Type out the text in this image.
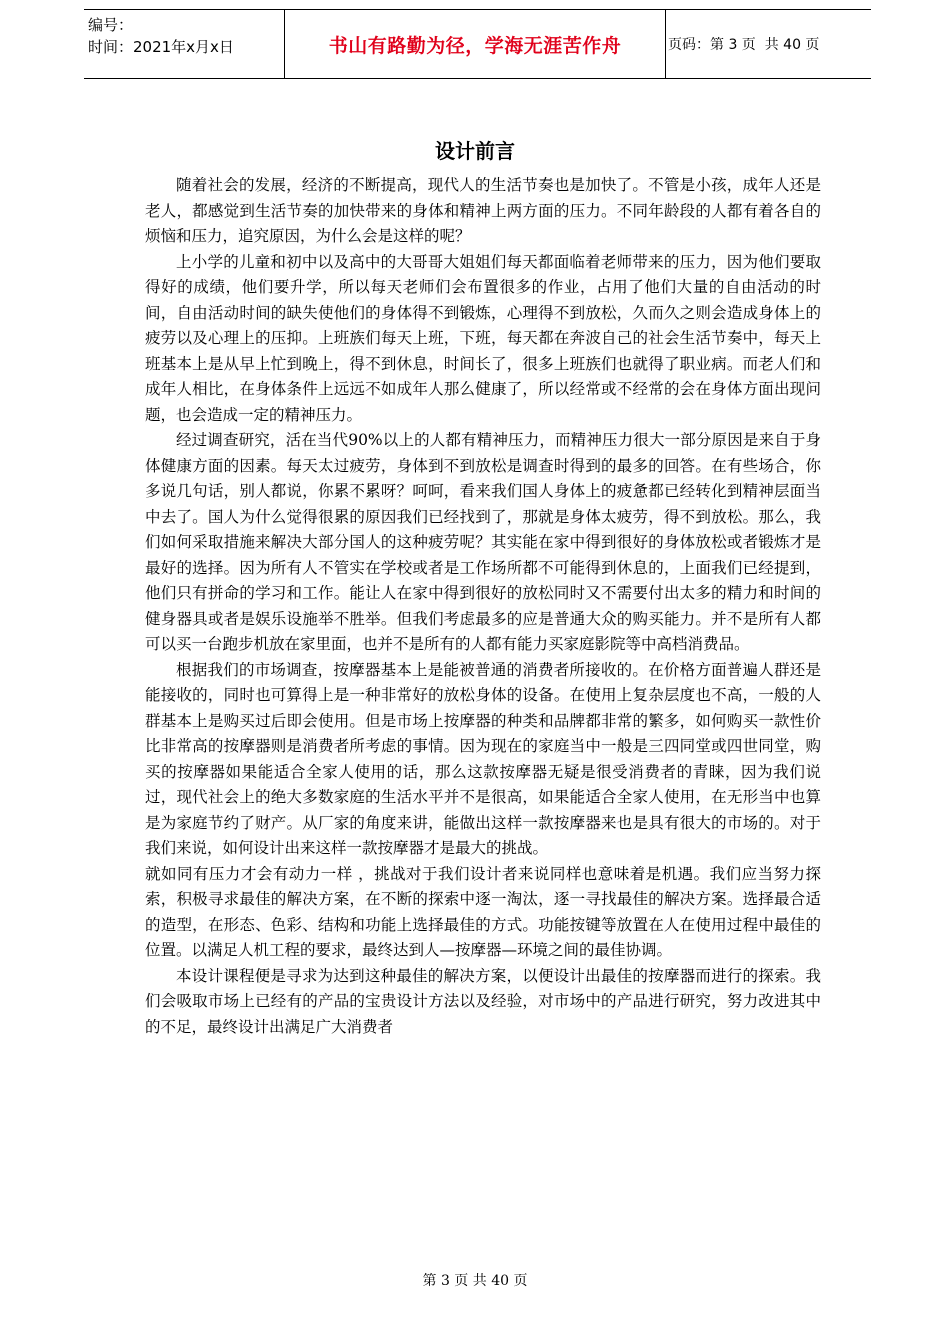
编号：
时间：2021年x月x日	书山有路勤为径，学海无涯苦作舟	页码：第 3 页  共 40 页
设计前言

随着社会的发展，经济的不断提高，现代人的生活节奏也是加快了。不管是小孩，成年人还是老人，都感觉到生活节奏的加快带来的身体和精神上两方面的压力。不同年龄段的人都有着各自的烦恼和压力，追究原因，为什么会是这样的呢？

上小学的儿童和初中以及高中的大哥哥大姐姐们每天都面临着老师带来的压力，因为他们要取得好的成绩，他们要升学，所以每天老师们会布置很多的作业，占用了他们大量的自由活动的时间，自由活动时间的缺失使他们的身体得不到锻炼，心理得不到放松，久而久之则会造成身体上的疲劳以及心理上的压抑。上班族们每天上班，下班，每天都在奔波自己的社会生活节奏中，每天上班基本上是从早上忙到晚上，得不到休息，时间长了，很多上班族们也就得了职业病。而老人们和成年人相比，在身体条件上远远不如成年人那么健康了，所以经常或不经常的会在身体方面出现问题，也会造成一定的精神压力。

经过调查研究，活在当代90%以上的人都有精神压力，而精神压力很大一部分原因是来自于身体健康方面的因素。每天太过疲劳，身体到不到放松是调查时得到的最多的回答。在有些场合，你多说几句话，别人都说，你累不累呀？呵呵，看来我们国人身体上的疲惫都已经转化到精神层面当中去了。国人为什么觉得很累的原因我们已经找到了，那就是身体太疲劳，得不到放松。那么，我们如何采取措施来解决大部分国人的这种疲劳呢？其实能在家中得到很好的身体放松或者锻炼才是最好的选择。因为所有人不管实在学校或者是工作场所都不可能得到休息的，上面我们已经提到，他们只有拼命的学习和工作。能让人在家中得到很好的放松同时又不需要付出太多的精力和时间的健身器具或者是娱乐设施举不胜举。但我们考虑最多的应是普通大众的购买能力。并不是所有人都可以买一台跑步机放在家里面，也并不是所有的人都有能力买家庭影院等中高档消费品。

根据我们的市场调查，按摩器基本上是能被普通的消费者所接收的。在价格方面普遍人群还是能接收的，同时也可算得上是一种非常好的放松身体的设备。在使用上复杂层度也不高，一般的人群基本上是购买过后即会使用。但是市场上按摩器的种类和品牌都非常的繁多，如何购买一款性价比非常高的按摩器则是消费者所考虑的事情。因为现在的家庭当中一般是三四同堂或四世同堂，购买的按摩器如果能适合全家人使用的话，那么这款按摩器无疑是很受消费者的青睐，因为我们说过，现代社会上的绝大多数家庭的生活水平并不是很高，如果能适合全家人使用，在无形当中也算是为家庭节约了财产。从厂家的角度来讲，能做出这样一款按摩器来也是具有很大的市场的。对于我们来说，如何设计出来这样一款按摩器才是最大的挑战。

就如同有压力才会有动力一样 ，挑战对于我们设计者来说同样也意味着是机遇。我们应当努力探索，积极寻求最佳的解决方案，在不断的探索中逐一淘汰，逐一寻找最佳的解决方案。选择最合适的造型，在形态、色彩、结构和功能上选择最佳的方式。功能按键等放置在人在使用过程中最佳的位置。以满足人机工程的要求，最终达到人—按摩器—环境之间的最佳协调。

本设计课程便是寻求为达到这种最佳的解决方案，以便设计出最佳的按摩器而进行的探索。我们会吸取市场上已经有的产品的宝贵设计方法以及经验，对市场中的产品进行研究，努力改进其中的不足，最终设计出满足广大消费者

第 3 页 共 40 页
